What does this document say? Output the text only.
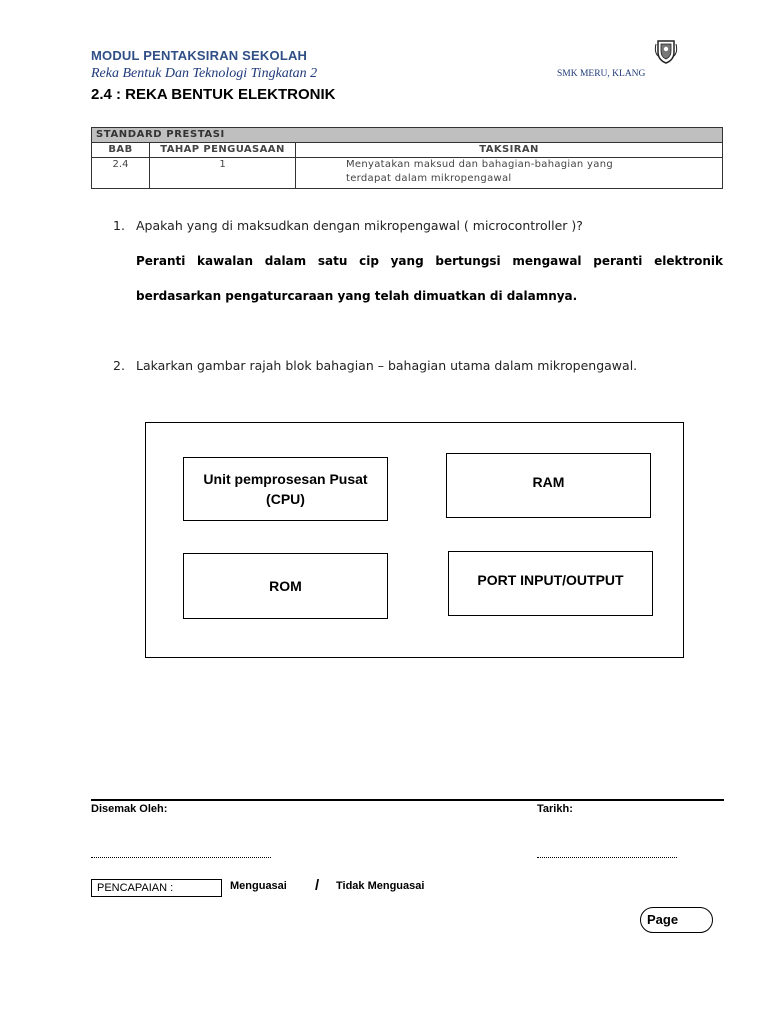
MODUL PENTAKSIRAN SEKOLAH
Reka Bentuk Dan Teknologi Tingkatan 2	SMK MERU, KLANG
2.4 : REKA BENTUK ELEKTRONIK
STANDARD PRESTASI		
BAB	TAHAP PENGUASAAN	TAKSIRAN
2.4	1	Menyatakan maksud dan bahagian-bahagian yang
terdapat dalam mikropengawal
1. Apakah yang di maksudkan dengan mikropengawal ( microcontroller )?
Peranti kawalan dalam satu cip yang bertungsi mengawal peranti elektronik
berdasarkan pengaturcaraan yang telah dimuatkan di dalamnya.
2. Lakarkan gambar rajah blok bahagian – bahagian utama dalam mikropengawal.
Unit pemprosesan Pusat
(CPU)
RAM
ROM	PORT INPUT/OUTPUT
Disemak Oleh:	Tarikh:
PENCAPAIAN :	Menguasai / Tidak Menguasai
Page
